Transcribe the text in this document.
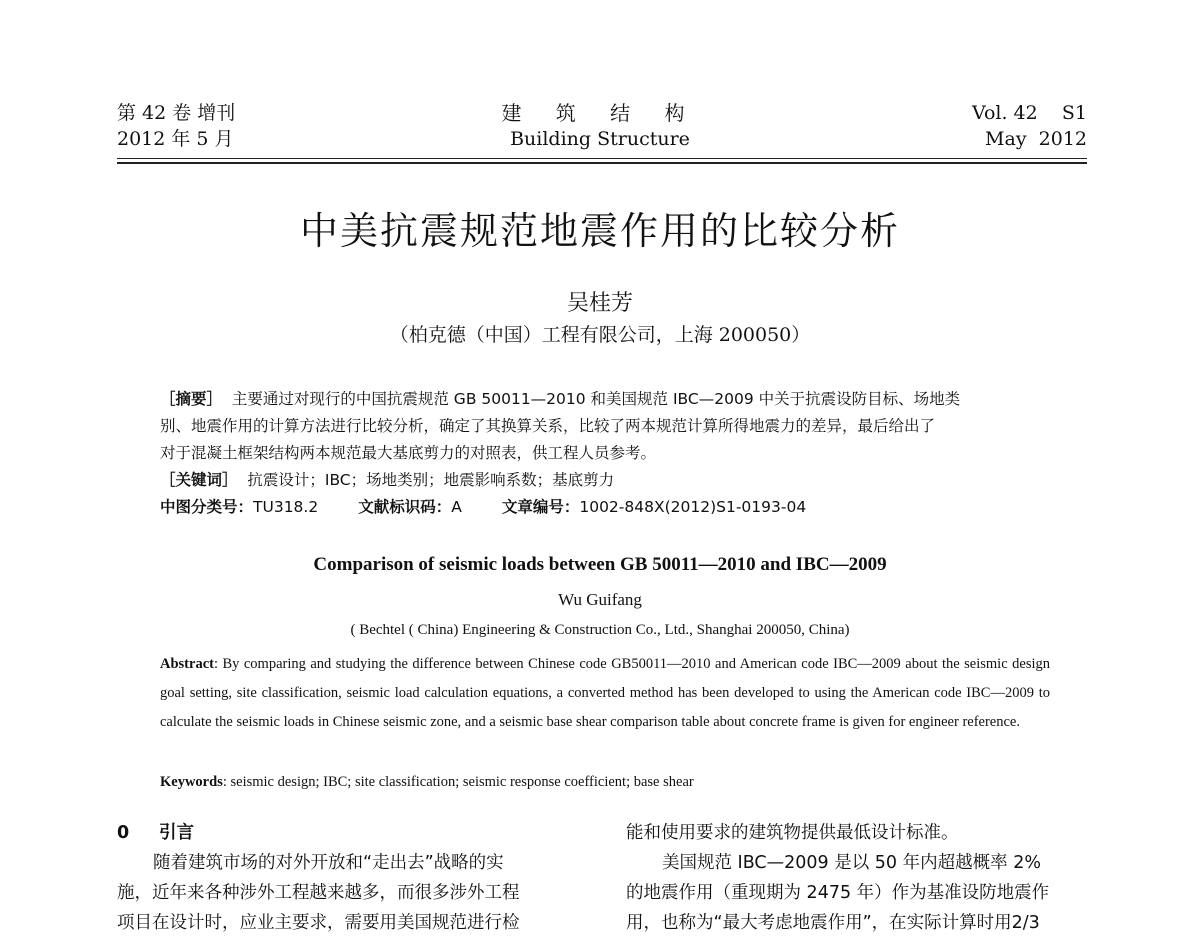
第 42 卷 增刊
2012 年 5 月
建 筑 结 构
Building Structure
Vol. 42    S1
May  2012
中美抗震规范地震作用的比较分析
吴桂芳
（柏克德（中国）工程有限公司，上海 200050）
［摘要］ 主要通过对现行的中国抗震规范 GB 50011—2010 和美国规范 IBC—2009 中关于抗震设防目标、场地类
别、地震作用的计算方法进行比较分析，确定了其换算关系，比较了两本规范计算所得地震力的差异，最后给出了
对于混凝土框架结构两本规范最大基底剪力的对照表，供工程人员参考。
［关键词］ 抗震设计；IBC；场地类别；地震影响系数；基底剪力
中图分类号：TU318.2	文献标识码：A	文章编号：1002-848X(2012)S1-0193-04
Comparison of seismic loads between GB 50011—2010 and IBC—2009
Wu Guifang
( Bechtel ( China) Engineering & Construction Co., Ltd., Shanghai 200050, China)
Abstract: By comparing and studying the difference between Chinese code GB50011—2010 and American code IBC—2009 about the seismic design goal setting, site classification, seismic load calculation equations, a converted method has been developed to using the American code IBC—2009 to calculate the seismic loads in Chinese seismic zone, and a seismic base shear comparison table about concrete frame is given for engineer reference.
Keywords: seismic design; IBC; site classification; seismic response coefficient; base shear
0 引言
随着建筑市场的对外开放和“走出去”战略的实
施，近年来各种涉外工程越来越多，而很多涉外工程
项目在设计时，应业主要求，需要用美国规范进行检
能和使用要求的建筑物提供最低设计标准。
美国规范 IBC—2009 是以 50 年内超越概率 2%
的地震作用（重现期为 2475 年）作为基准设防地震作
用，也称为“最大考虑地震作用”，在实际计算时用2/3
